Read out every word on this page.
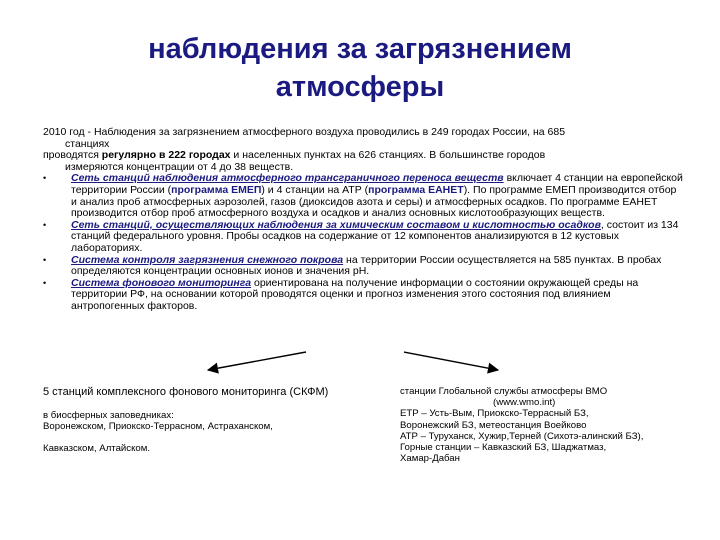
наблюдения за загрязнением
атмосферы

2010 год - Наблюдения за загрязнением атмосферного воздуха проводились в 249 городах России, на 685

станциях

проводятся регулярно в 222 городах и населенных пунктах на 626 станциях. В большинстве городов

измеряются концентрации от 4 до 38 веществ.

• Сеть станций наблюдения атмосферного трансграничного переноса веществ включает 4 станции на европейской территории России (программа ЕМЕП) и 4 станции на АТР (программа EAHET). По программе ЕМЕП производится отбор и анализ проб атмосферных аэрозолей, газов (диоксидов азота и серы) и атмосферных осадков. По программе EAHET производится отбор проб атмосферного воздуха и осадков и анализ основных кислотообразующих веществ.
• Сеть станций, осуществляющих наблюдения за химическим составом и кислотностью осадков, состоит из 134 станций федерального уровня. Пробы осадков на содержание от 12 компонентов анализируются в 12 кустовых лабораториях.
• Система контроля загрязнения снежного покрова на территории России осуществляется на 585 пунктах. В пробах определяются концентрации основных ионов и значения pH.
• Система фонового мониторинга ориентирована на получение информации о состоянии окружающей среды на территории РФ, на основании которой проводятся оценки и прогноз изменения этого состояния под влиянием антропогенных факторов.
5 станций комплексного фонового мониторинга (СКФМ)
в биосферных заповедниках:
Воронежском, Приокско-Террасном, Астраханском,
Кавказском, Алтайском.
станции Глобальной службы атмосферы ВМО
(www.wmo.int)
ЕТР – Усть-Вым, Приокско-Террасный БЗ,
Воронежский БЗ, метеостанция Воейково
АТР – Туруханск, Хужир,Терней (Сихотэ-алинский БЗ),
Горные станции – Кавказский БЗ, Шаджатмаз,
Хамар-Дабан
